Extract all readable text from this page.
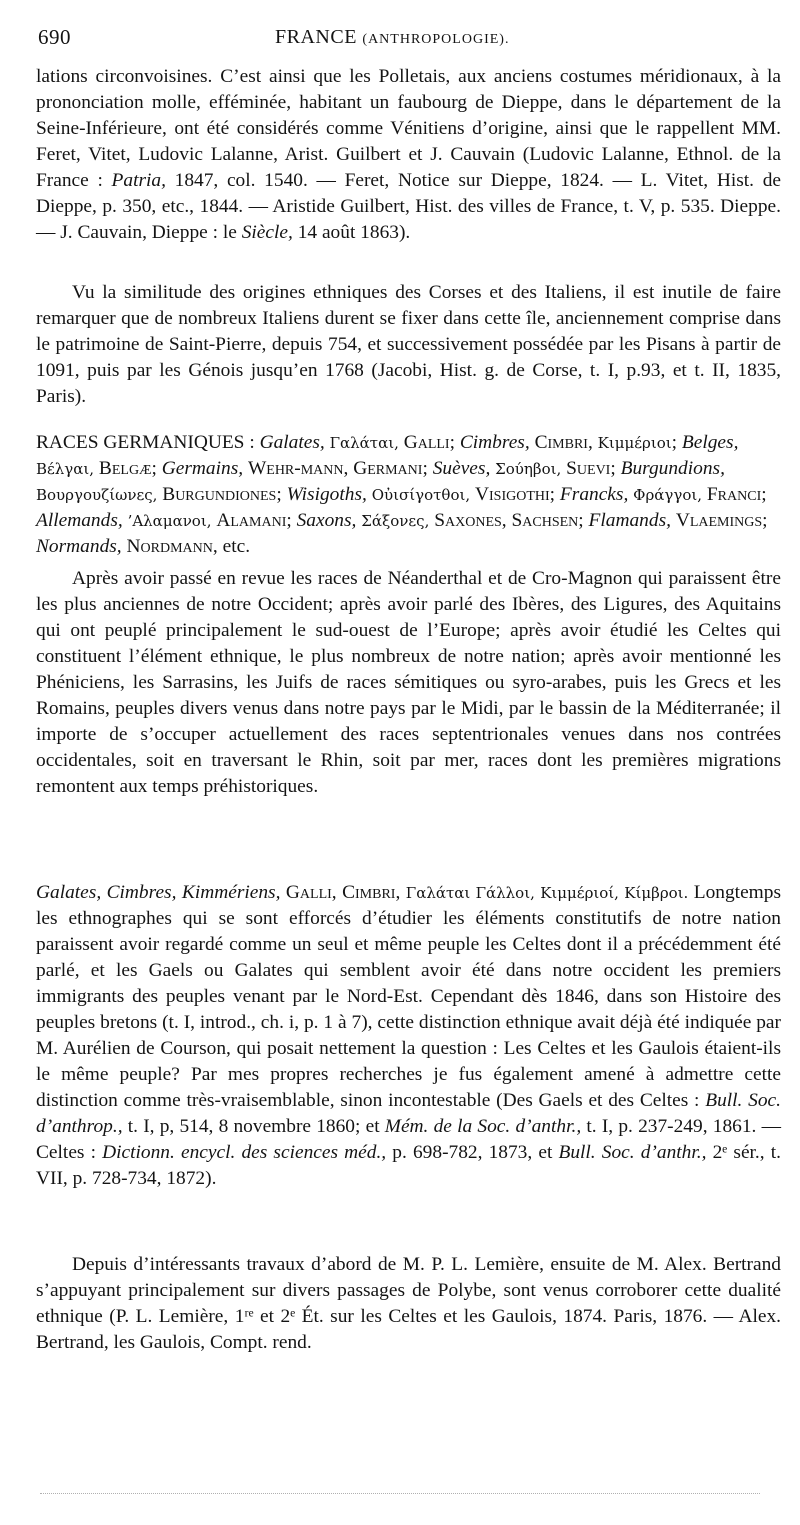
690	FRANCE (ANTHROPOLOGIE).

lations circonvoisines. C’est ainsi que les Polletais, aux anciens costumes méridionaux, à la prononciation molle, efféminée, habitant un faubourg de Dieppe, dans le département de la Seine-Inférieure, ont été considérés comme Vénitiens d’origine, ainsi que le rappellent MM. Feret, Vitet, Ludovic Lalanne, Arist. Guilbert et J. Cauvain (Ludovic Lalanne, Ethnol. de la France : Patria, 1847, col. 1540. — Feret, Notice sur Dieppe, 1824. — L. Vitet, Hist. de Dieppe, p. 350, etc., 1844. — Aristide Guilbert, Hist. des villes de France, t. V, p. 535. Dieppe. — J. Cauvain, Dieppe : le Siècle, 14 août 1863).

Vu la similitude des origines ethniques des Corses et des Italiens, il est inutile de faire remarquer que de nombreux Italiens durent se fixer dans cette île, anciennement comprise dans le patrimoine de Saint-Pierre, depuis 754, et successivement possédée par les Pisans à partir de 1091, puis par les Génois jusqu’en 1768 (Jacobi, Hist. g. de Corse, t. I, p.93, et t. II, 1835, Paris).

RACES GERMANIQUES : Galates, Γαλάται, Galli; Cimbres, Cimbri, Κιμμέριοι; Belges, Βέλγαι, Belgæ; Germains, Wehr-mann, Germani; Suèves, Σούηβοι, Suevi; Burgundions, Βουργουζίωνες, Burgundiones; Wisigoths, Οὐισίγοτθοι, Visigothi; Francks, Φράγγοι, Franci; Allemands, ’Αλαμανοι, Alamani; Saxons, Σάξονες, Saxones, Sachsen; Flamands, Vlaemings; Normands, Nordmann, etc.

Après avoir passé en revue les races de Néanderthal et de Cro-Magnon qui paraissent être les plus anciennes de notre Occident; après avoir parlé des Ibères, des Ligures, des Aquitains qui ont peuplé principalement le sud-ouest de l’Europe; après avoir étudié les Celtes qui constituent l’élément ethnique, le plus nombreux de notre nation; après avoir mentionné les Phéniciens, les Sarrasins, les Juifs de races sémitiques ou syro-arabes, puis les Grecs et les Romains, peuples divers venus dans notre pays par le Midi, par le bassin de la Méditerranée; il importe de s’occuper actuellement des races septentrionales venues dans nos contrées occidentales, soit en traversant le Rhin, soit par mer, races dont les premières migrations remontent aux temps préhistoriques.

Galates, Cimbres, Kimmériens, Galli, Cimbri, Γαλάται Γάλλοι, Κιμμέριοί, Κίμβροι. Longtemps les ethnographes qui se sont efforcés d’étudier les éléments constitutifs de notre nation paraissent avoir regardé comme un seul et même peuple les Celtes dont il a précédemment été parlé, et les Gaels ou Galates qui semblent avoir été dans notre occident les premiers immigrants des peuples venant par le Nord-Est. Cependant dès 1846, dans son Histoire des peuples bretons (t. I, introd., ch. i, p. 1 à 7), cette distinction ethnique avait déjà été indiquée par M. Aurélien de Courson, qui posait nettement la question : Les Celtes et les Gaulois étaient-ils le même peuple? Par mes propres recherches je fus également amené à admettre cette distinction comme très-vraisemblable, sinon incontestable (Des Gaels et des Celtes : Bull. Soc. d’anthrop., t. I, p, 514, 8 novembre 1860; et Mém. de la Soc. d’anthr., t. I, p. 237-249, 1861. — Celtes : Dictionn. encycl. des sciences méd., p. 698-782, 1873, et Bull. Soc. d’anthr., 2ᵉ sér., t. VII, p. 728-734, 1872).

Depuis d’intéressants travaux d’abord de M. P. L. Lemière, ensuite de M. Alex. Bertrand s’appuyant principalement sur divers passages de Polybe, sont venus corroborer cette dualité ethnique (P. L. Lemière, 1ʳᵉ et 2ᵉ Ét. sur les Celtes et les Gaulois, 1874. Paris, 1876. — Alex. Bertrand, les Gaulois, Compt. rend.
